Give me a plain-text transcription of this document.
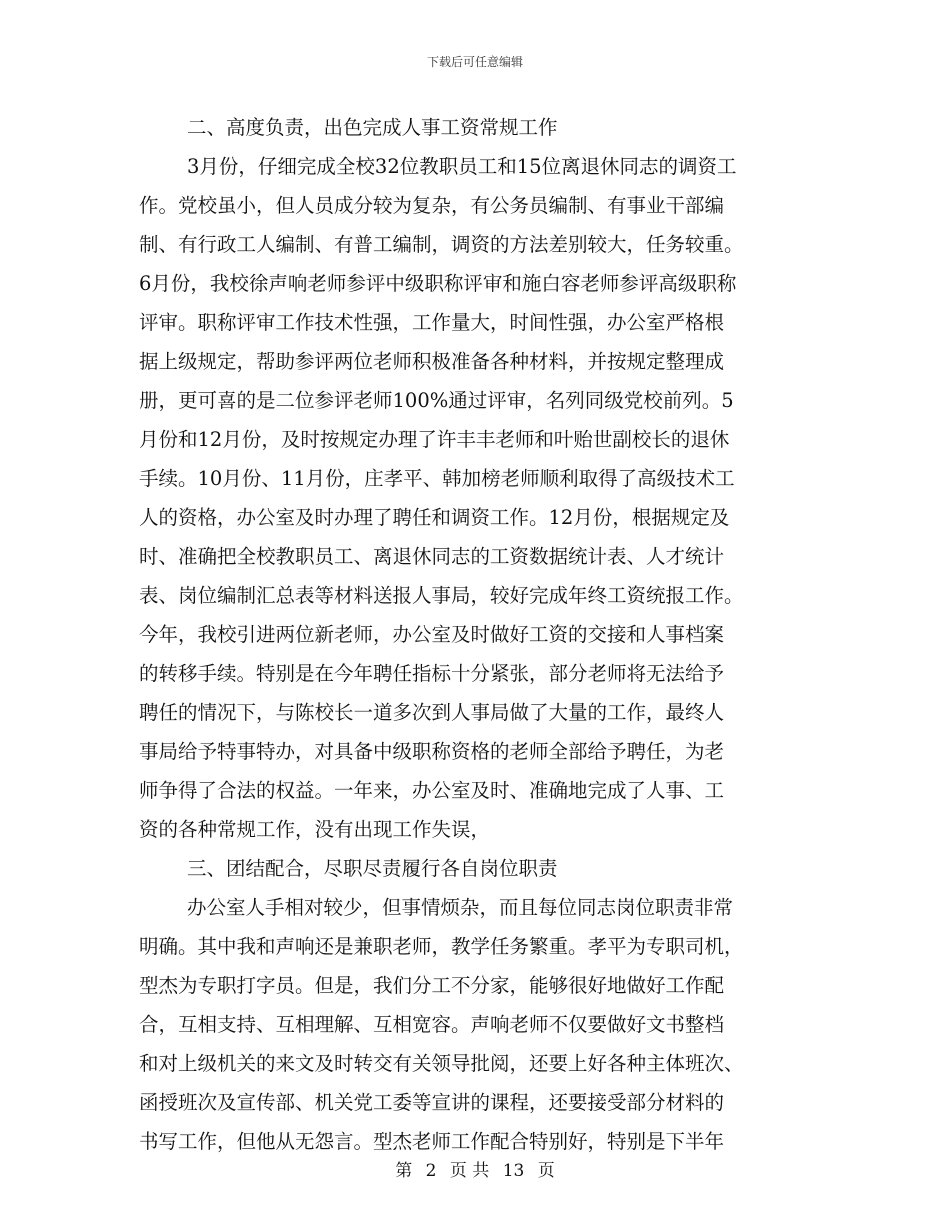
下载后可任意编辑
二、高度负责，出色完成人事工资常规工作
3月份，仔细完成全校32位教职员工和15位离退休同志的调资工
作。党校虽小，但人员成分较为复杂，有公务员编制、有事业干部编
制、有行政工人编制、有普工编制，调资的方法差别较大，任务较重。
6月份，我校徐声响老师参评中级职称评审和施白容老师参评高级职称
评审。职称评审工作技术性强，工作量大，时间性强，办公室严格根
据上级规定，帮助参评两位老师积极准备各种材料，并按规定整理成
册，更可喜的是二位参评老师100%通过评审，名列同级党校前列。5
月份和12月份，及时按规定办理了许丰丰老师和叶贻世副校长的退休
手续。10月份、11月份，庄孝平、韩加榜老师顺利取得了高级技术工
人的资格，办公室及时办理了聘任和调资工作。12月份，根据规定及
时、准确把全校教职员工、离退休同志的工资数据统计表、人才统计
表、岗位编制汇总表等材料送报人事局，较好完成年终工资统报工作。
今年，我校引进两位新老师，办公室及时做好工资的交接和人事档案
的转移手续。特别是在今年聘任指标十分紧张，部分老师将无法给予
聘任的情况下，与陈校长一道多次到人事局做了大量的工作，最终人
事局给予特事特办，对具备中级职称资格的老师全部给予聘任，为老
师争得了合法的权益。一年来，办公室及时、准确地完成了人事、工
资的各种常规工作，没有出现工作失误，
三、团结配合，尽职尽责履行各自岗位职责
办公室人手相对较少，但事情烦杂，而且每位同志岗位职责非常
明确。其中我和声响还是兼职老师，教学任务繁重。孝平为专职司机，
型杰为专职打字员。但是，我们分工不分家，能够很好地做好工作配
合，互相支持、互相理解、互相宽容。声响老师不仅要做好文书整档
和对上级机关的来文及时转交有关领导批阅，还要上好各种主体班次、
函授班次及宣传部、机关党工委等宣讲的课程，还要接受部分材料的
书写工作，但他从无怨言。型杰老师工作配合特别好，特别是下半年
第 2 页 共 13 页
